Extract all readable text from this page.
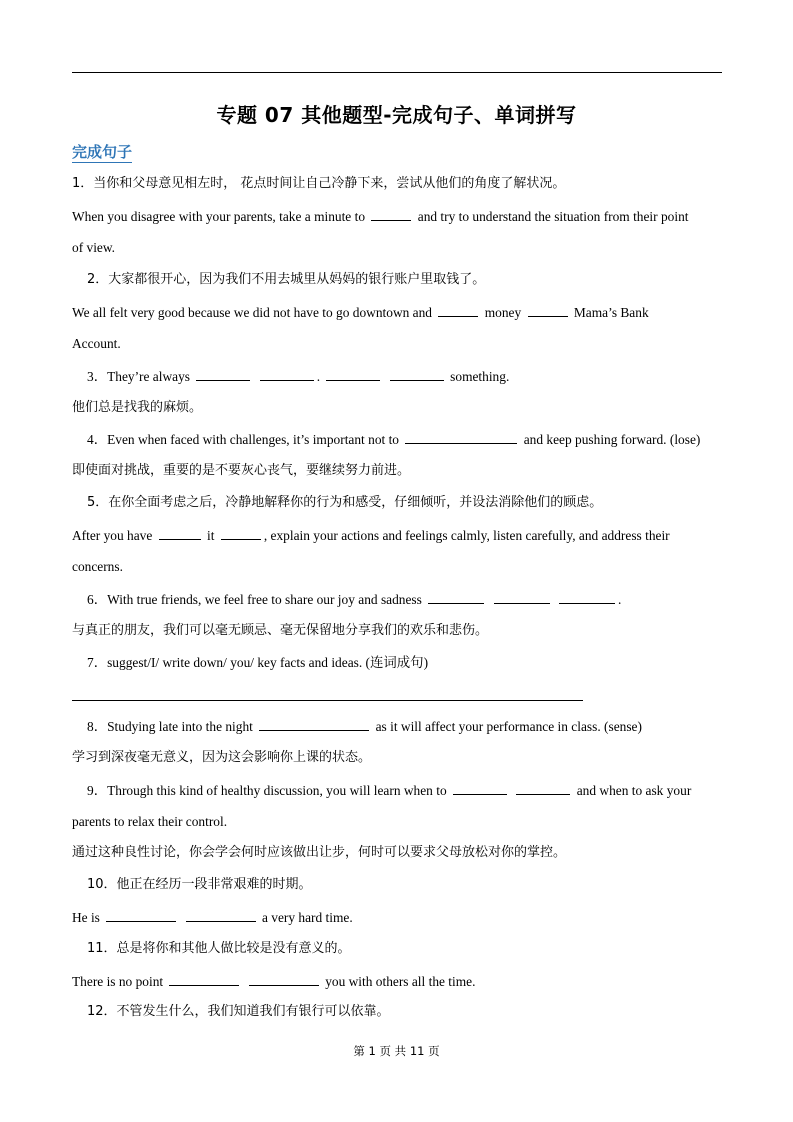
专题 07 其他题型-完成句子、单词拼写
完成句子
1．当你和父母意见相左时， 花点时间让自己冷静下来，尝试从他们的角度了解状况。
When you disagree with your parents, take a minute to	and try to understand the situation from their point
of view.
2．大家都很开心，因为我们不用去城里从妈妈的银行账户里取钱了。
We all felt very good because we did not have to go downtown and	money	Mama’s Bank
Account.
3．They’re always	.	something.
他们总是找我的麻烦。
4．Even when faced with challenges, it’s important not to	and keep pushing forward. (lose)
即使面对挑战，重要的是不要灰心丧气，要继续努力前进。
5．在你全面考虑之后，冷静地解释你的行为和感受，仔细倾听，并设法消除他们的顾虑。
After you have	it	, explain your actions and feelings calmly, listen carefully, and address their
concerns.
6．With true friends, we feel free to share our joy and sadness	.
与真正的朋友，我们可以毫无顾忌、毫无保留地分享我们的欢乐和悲伤。
7．suggest/I/ write down/ you/ key facts and ideas. (连词成句)
8．Studying late into the night	as it will affect your performance in class. (sense)
学习到深夜毫无意义，因为这会影响你上课的状态。
9．Through this kind of healthy discussion, you will learn when to	and when to ask your
parents to relax their control.
通过这种良性讨论，你会学会何时应该做出让步，何时可以要求父母放松对你的掌控。
10．他正在经历一段非常艰难的时期。
He is	a very hard time.
11．总是将你和其他人做比较是没有意义的。
There is no point	you with others all the time.
12．不管发生什么，我们知道我们有银行可以依靠。
第 1 页 共 11 页
